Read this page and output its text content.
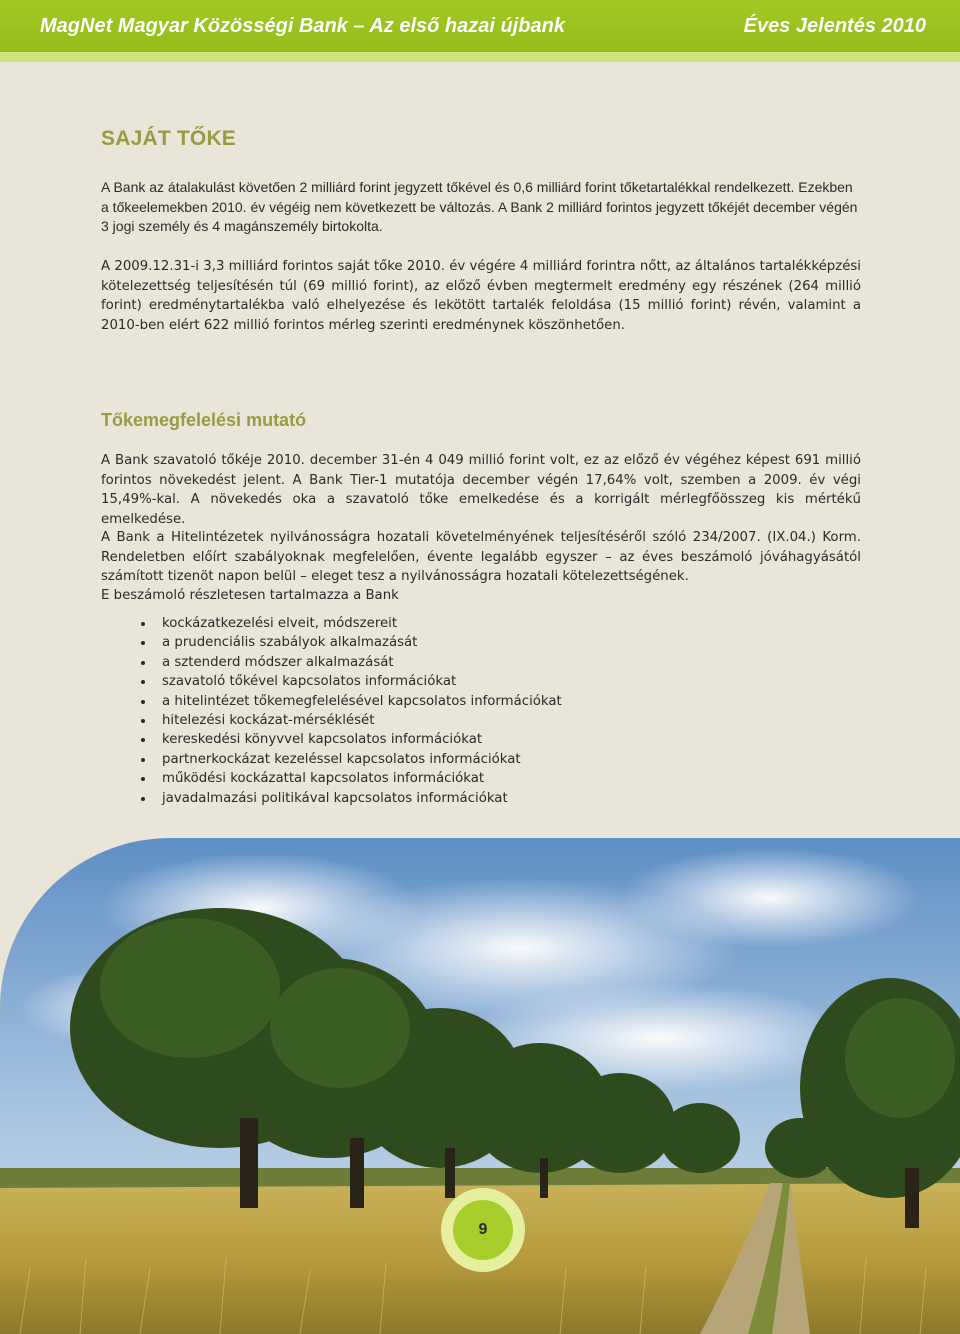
MagNet Magyar Közösségi Bank – Az első hazai újbank	Éves Jelentés 2010
SAJÁT TŐKE

A Bank az átalakulást követően 2 milliárd forint jegyzett tőkével és 0,6 milliárd forint tőketartalékkal rendelkezett. Ezekben a tőkeelemekben 2010. év végéig nem következett be változás. A Bank 2 milliárd forintos jegyzett tőkéjét december végén 3 jogi személy és 4 magánszemély birtokolta.

A 2009.12.31-i 3,3 milliárd forintos saját tőke 2010. év végére 4 milliárd forintra nőtt, az általános tartalékképzési kötelezettség teljesítésén túl (69 millió forint), az előző évben megtermelt eredmény egy részének (264 millió forint) eredménytartalékba való elhelyezése és lekötött tartalék feloldása (15 millió forint) révén, valamint a 2010-ben elért 622 millió forintos mérleg szerinti eredménynek köszönhetően.

Tőkemegfelelési mutató

A Bank szavatoló tőkéje 2010. december 31-én 4 049 millió forint volt, ez az előző év végéhez képest 691 millió forintos növekedést jelent. A Bank Tier-1 mutatója december végén 17,64% volt, szemben a 2009. év végi 15,49%-kal. A növekedés oka a szavatoló tőke emelkedése és a korrigált mérlegfőösszeg kis mértékű emelkedése.

A Bank a Hitelintézetek nyilvánosságra hozatali követelményének teljesítéséről szóló 234/2007. (IX.04.) Korm. Rendeletben előírt szabályoknak megfelelően, évente legalább egyszer – az éves beszámoló jóváhagyásától számított tizenöt napon belül – eleget tesz a nyilvánosságra hozatali kötelezettségének.

E beszámoló részletesen tartalmazza a Bank

kockázatkezelési elveit, módszereit
a prudenciális szabályok alkalmazását
a sztenderd módszer alkalmazását
szavatoló tőkével kapcsolatos információkat
a hitelintézet tőkemegfelelésével kapcsolatos információkat
hitelezési kockázat-mérséklését
kereskedési könyvvel kapcsolatos információkat
partnerkockázat kezeléssel kapcsolatos információkat
működési kockázattal kapcsolatos információkat
javadalmazási politikával kapcsolatos információkat
9
